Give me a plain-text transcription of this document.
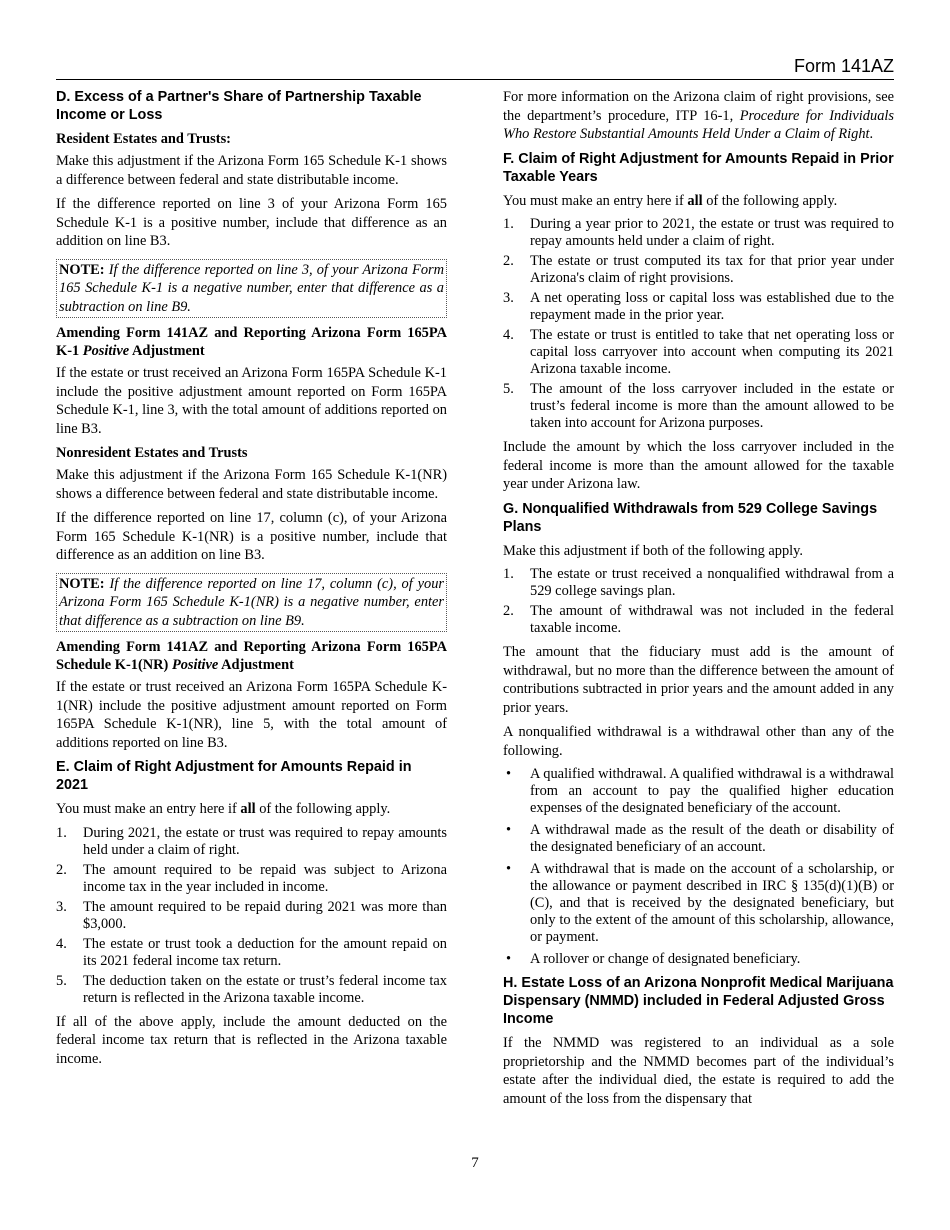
Form 141AZ
D. Excess of a Partner's Share of Partnership Taxable Income or Loss
Resident Estates and Trusts:

Make this adjustment if the Arizona Form 165 Schedule K-1 shows a difference between federal and state distributable income.

If the difference reported on line 3 of your Arizona Form 165 Schedule K-1 is a positive number, include that difference as an addition on line B3.

NOTE: If the difference reported on line 3, of your Arizona Form 165 Schedule K-1 is a negative number, enter that difference as a subtraction on line B9.
Amending Form 141AZ and Reporting Arizona Form 165PA K-1 Positive Adjustment

If the estate or trust received an Arizona Form 165PA Schedule K-1 include the positive adjustment amount reported on Form 165PA Schedule K-1, line 3, with the total amount of additions reported on line B3.

Nonresident Estates and Trusts

Make this adjustment if the Arizona Form 165 Schedule K-1(NR) shows a difference between federal and state distributable income.

If the difference reported on line 17, column (c), of your Arizona Form 165 Schedule K-1(NR) is a positive number, include that difference as an addition on line B3.

NOTE: If the difference reported on line 17, column (c), of your Arizona Form 165 Schedule K-1(NR) is a negative number, enter that difference as a subtraction on line B9.
Amending Form 141AZ and Reporting Arizona Form 165PA Schedule K-1(NR) Positive Adjustment

If the estate or trust received an Arizona Form 165PA Schedule K-1(NR) include the positive adjustment amount reported on Form 165PA Schedule K-1(NR), line 5, with the total amount of additions reported on line B3.

E. Claim of Right Adjustment for Amounts Repaid in 2021

You must make an entry here if all of the following apply.

1. During 2021, the estate or trust was required to repay amounts held under a claim of right.
2. The amount required to be repaid was subject to Arizona income tax in the year included in income.
3. The amount required to be repaid during 2021 was more than $3,000.
4. The estate or trust took a deduction for the amount repaid on its 2021 federal income tax return.
5. The deduction taken on the estate or trust’s federal income tax return is reflected in the Arizona taxable income.

If all of the above apply, include the amount deducted on the federal income tax return that is reflected in the Arizona taxable income.

For more information on the Arizona claim of right provisions, see the department’s procedure, ITP 16-1, Procedure for Individuals Who Restore Substantial Amounts Held Under a Claim of Right.

F. Claim of Right Adjustment for Amounts Repaid in Prior Taxable Years

You must make an entry here if all of the following apply.

1. During a year prior to 2021, the estate or trust was required to repay amounts held under a claim of right.
2. The estate or trust computed its tax for that prior year under Arizona's claim of right provisions.
3. A net operating loss or capital loss was established due to the repayment made in the prior year.
4. The estate or trust is entitled to take that net operating loss or capital loss carryover into account when computing its 2021 Arizona taxable income.
5. The amount of the loss carryover included in the estate or trust’s federal income is more than the amount allowed to be taken into account for Arizona purposes.

Include the amount by which the loss carryover included in the federal income is more than the amount allowed for the taxable year under Arizona law.

G. Nonqualified Withdrawals from 529 College Savings Plans

Make this adjustment if both of the following apply.

1. The estate or trust received a nonqualified withdrawal from a 529 college savings plan.
2. The amount of withdrawal was not included in the federal taxable income.

The amount that the fiduciary must add is the amount of withdrawal, but no more than the difference between the amount of contributions subtracted in prior years and the amount added in any prior years.

A nonqualified withdrawal is a withdrawal other than any of the following.

• A qualified withdrawal. A qualified withdrawal is a withdrawal from an account to pay the qualified higher education expenses of the designated beneficiary of the account.
• A withdrawal made as the result of the death or disability of the designated beneficiary of an account.
• A withdrawal that is made on the account of a scholarship, or the allowance or payment described in IRC § 135(d)(1)(B) or (C), and that is received by the designated beneficiary, but only to the extent of the amount of this scholarship, allowance, or payment.
• A rollover or change of designated beneficiary.
H. Estate Loss of an Arizona Nonprofit Medical Marijuana Dispensary (NMMD) included in Federal Adjusted Gross Income

If the NMMD was registered to an individual as a sole proprietorship and the NMMD becomes part of the individual’s estate after the individual died, the estate is required to add the amount of the loss from the dispensary that

7
